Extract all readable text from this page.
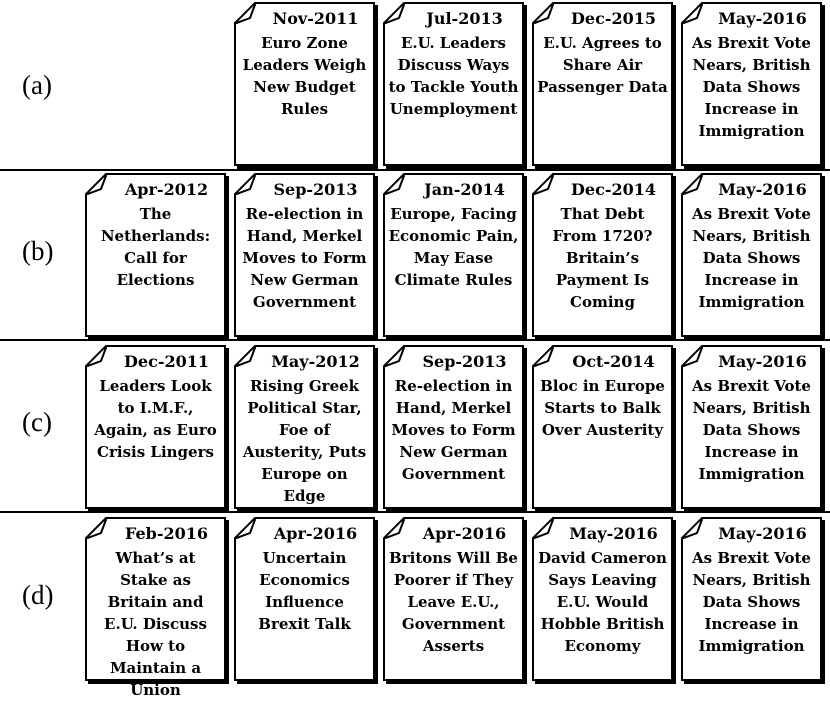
(a)
(b)
(c)
(d)
Nov-2011
Euro Zone Leaders Weigh New Budget Rules
Jul-2013
E.U. Leaders Discuss Ways to Tackle Youth Unemployment
Dec-2015
E.U. Agrees to Share Air Passenger Data
May-2016
As Brexit Vote Nears, British Data Shows Increase in Immigration
Apr-2012
The Netherlands: Call for Elections
Sep-2013
Re-election in Hand, Merkel Moves to Form New German Government
Jan-2014
Europe, Facing Economic Pain, May Ease Climate Rules
Dec-2014
That Debt From 1720? Britain’s Payment Is Coming
May-2016
As Brexit Vote Nears, British Data Shows Increase in Immigration
Dec-2011
Leaders Look to I.M.F., Again, as Euro Crisis Lingers
May-2012
Rising Greek Political Star, Foe of Austerity, Puts Europe on Edge
Sep-2013
Re-election in Hand, Merkel Moves to Form New German Government
Oct-2014
Bloc in Europe Starts to Balk Over Austerity
May-2016
As Brexit Vote Nears, British Data Shows Increase in Immigration
Feb-2016
What’s at Stake as Britain and E.U. Discuss How to Maintain a Union
Apr-2016
Uncertain Economics Influence Brexit Talk
Apr-2016
Britons Will Be Poorer if They Leave E.U., Government Asserts
May-2016
David Cameron Says Leaving E.U. Would Hobble British Economy
May-2016
As Brexit Vote Nears, British Data Shows Increase in Immigration
